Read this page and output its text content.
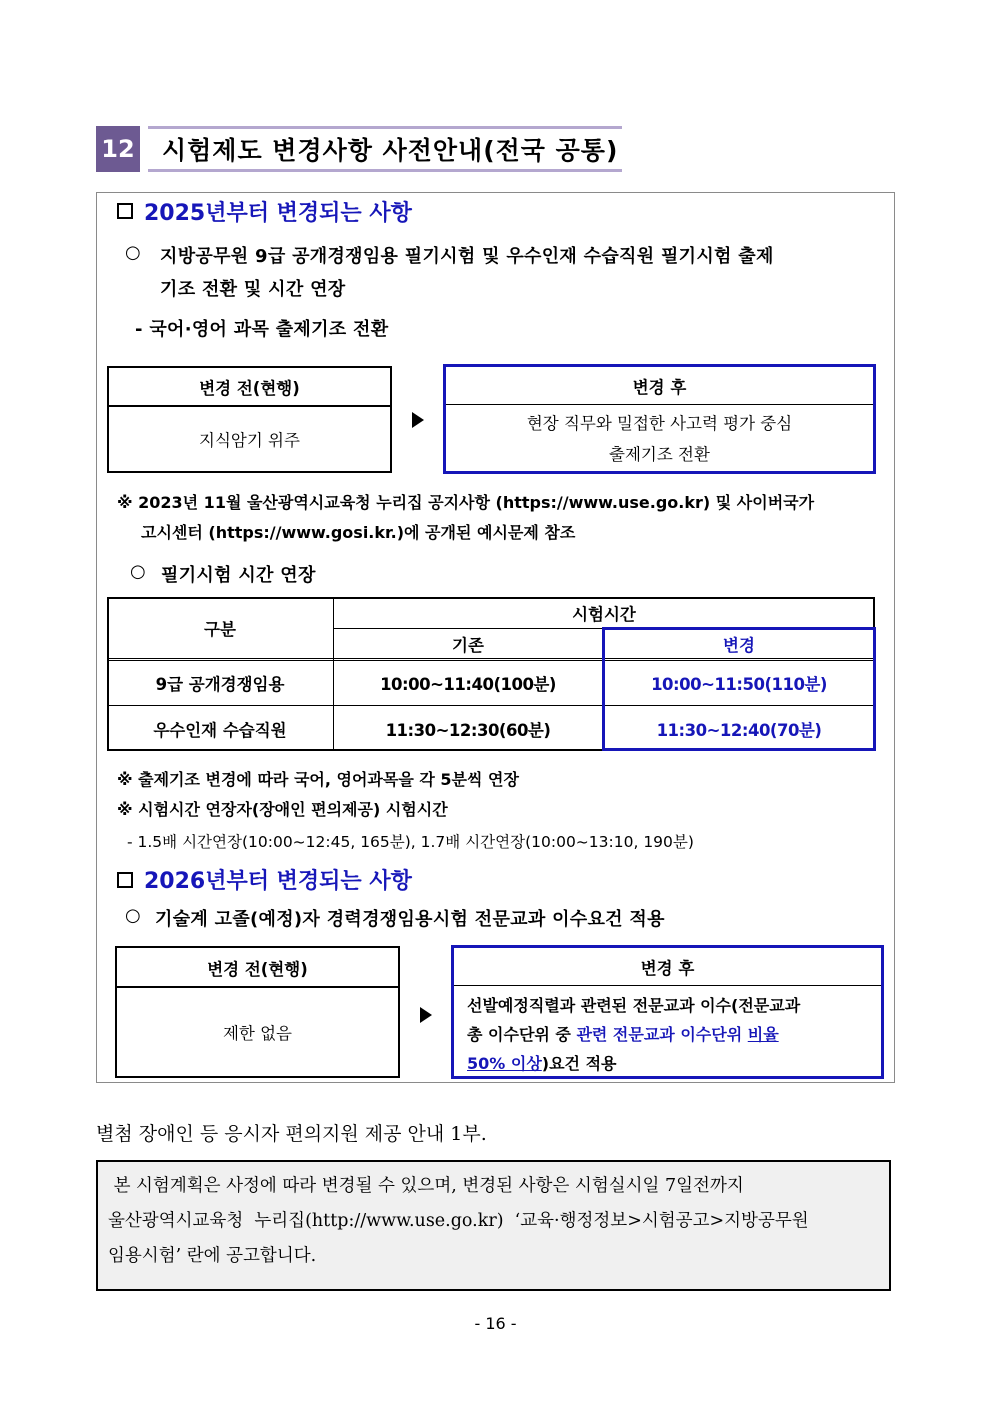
12 시험제도 변경사항 사전안내(전국 공통)
2025년부터 변경되는 사항
○ 지방공무원 9급 공개경쟁임용 필기시험 및 우수인재 수습직원 필기시험 출제
기조 전환 및 시간 연장
- 국어·영어 과목 출제기조 전환
변경 전(현행)
지식암기 위주
변경 후
현장 직무와 밀접한 사고력 평가 중심
출제기조 전환
※ 2023년 11월 울산광역시교육청 누리집 공지사항 (https://www.use.go.kr) 및 사이버국가
고시센터 (https://www.gosi.kr.)에 공개된 예시문제 참조
○ 필기시험 시간 연장
구분
시험시간
기존	변경
9급 공개경쟁임용	10:00~11:40(100분)	10:00~11:50(110분)
우수인재 수습직원	11:30~12:30(60분)	11:30~12:40(70분)
※ 출제기조 변경에 따라 국어, 영어과목을 각 5분씩 연장
※ 시험시간 연장자(장애인 편의제공) 시험시간
- 1.5배 시간연장(10:00~12:45, 165분), 1.7배 시간연장(10:00~13:10, 190분)
2026년부터 변경되는 사항
○ 기술계 고졸(예정)자 경력경쟁임용시험 전문교과 이수요건 적용
변경 전(현행)
제한 없음
변경 후
선발예정직렬과 관련된 전문교과 이수(전문교과
총 이수단위 중 관련 전문교과 이수단위 비율
50% 이상)요건 적용
별첨 장애인 등 응시자 편의지원 제공 안내 1부.
본 시험계획은 사정에 따라 변경될 수 있으며, 변경된 사항은 시험실시일 7일전까지
울산광역시교육청  누리집(http://www.use.go.kr)  ‘교육·행정정보>시험공고>지방공무원
임용시험’ 란에 공고합니다.
- 16 -
